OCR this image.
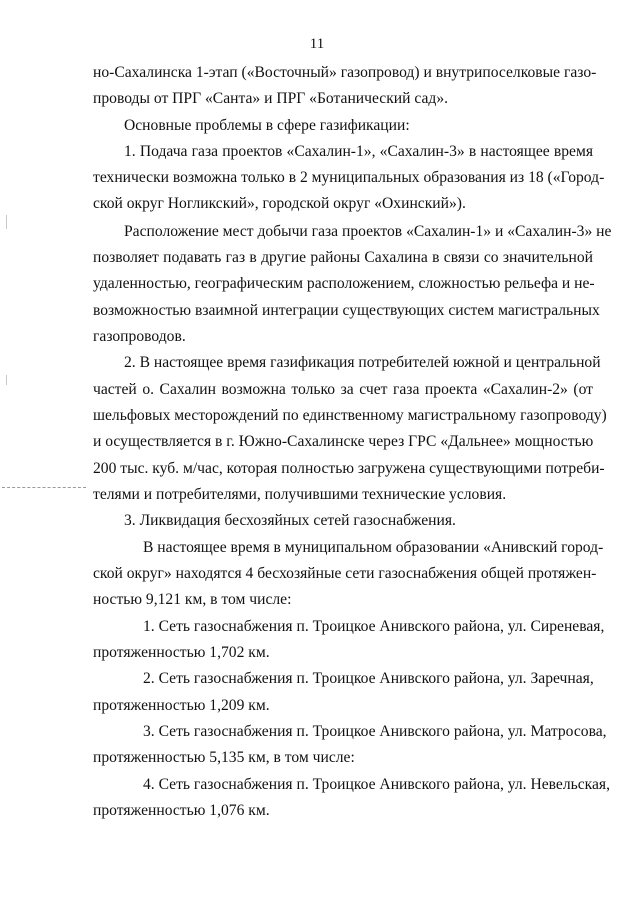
11
но-Сахалинска 1-этап («Восточный» газопровод) и внутрипоселковые газо-
проводы от ПРГ «Санта» и ПРГ «Ботанический сад».
Основные проблемы в сфере газификации:
1. Подача газа проектов «Сахалин-1», «Сахалин-3» в настоящее время
технически возможна только в 2 муниципальных образования из 18 («Город-
ской округ Ногликский», городской округ «Охинский»).
Расположение мест добычи газа проектов «Сахалин-1» и «Сахалин-3» не
позволяет подавать газ в другие районы Сахалина в связи со значительной
удаленностью, географическим расположением, сложностью рельефа и не-
возможностью взаимной интеграции существующих систем магистральных
газопроводов.
2. В настоящее время газификация потребителей южной и центральной
частей о. Сахалин возможна только за счет газа проекта «Сахалин-2» (от
шельфовых месторождений по единственному магистральному газопроводу)
и осуществляется в г. Южно-Сахалинске через ГРС «Дальнее» мощностью
200 тыс. куб. м/час, которая полностью загружена существующими потреби-
телями и потребителями, получившими технические условия.
3. Ликвидация бесхозяйных сетей газоснабжения.
В настоящее время в муниципальном образовании «Анивский город-
ской округ» находятся 4 бесхозяйные сети газоснабжения общей протяжен-
ностью 9,121 км, в том числе:
1. Сеть газоснабжения п. Троицкое Анивского района, ул. Сиреневая,
протяженностью 1,702 км.
2. Сеть газоснабжения п. Троицкое Анивского района, ул. Заречная,
протяженностью 1,209 км.
3. Сеть газоснабжения п. Троицкое Анивского района, ул. Матросова,
протяженностью 5,135 км, в том числе:
4. Сеть газоснабжения п. Троицкое Анивского района, ул. Невельская,
протяженностью 1,076 км.
